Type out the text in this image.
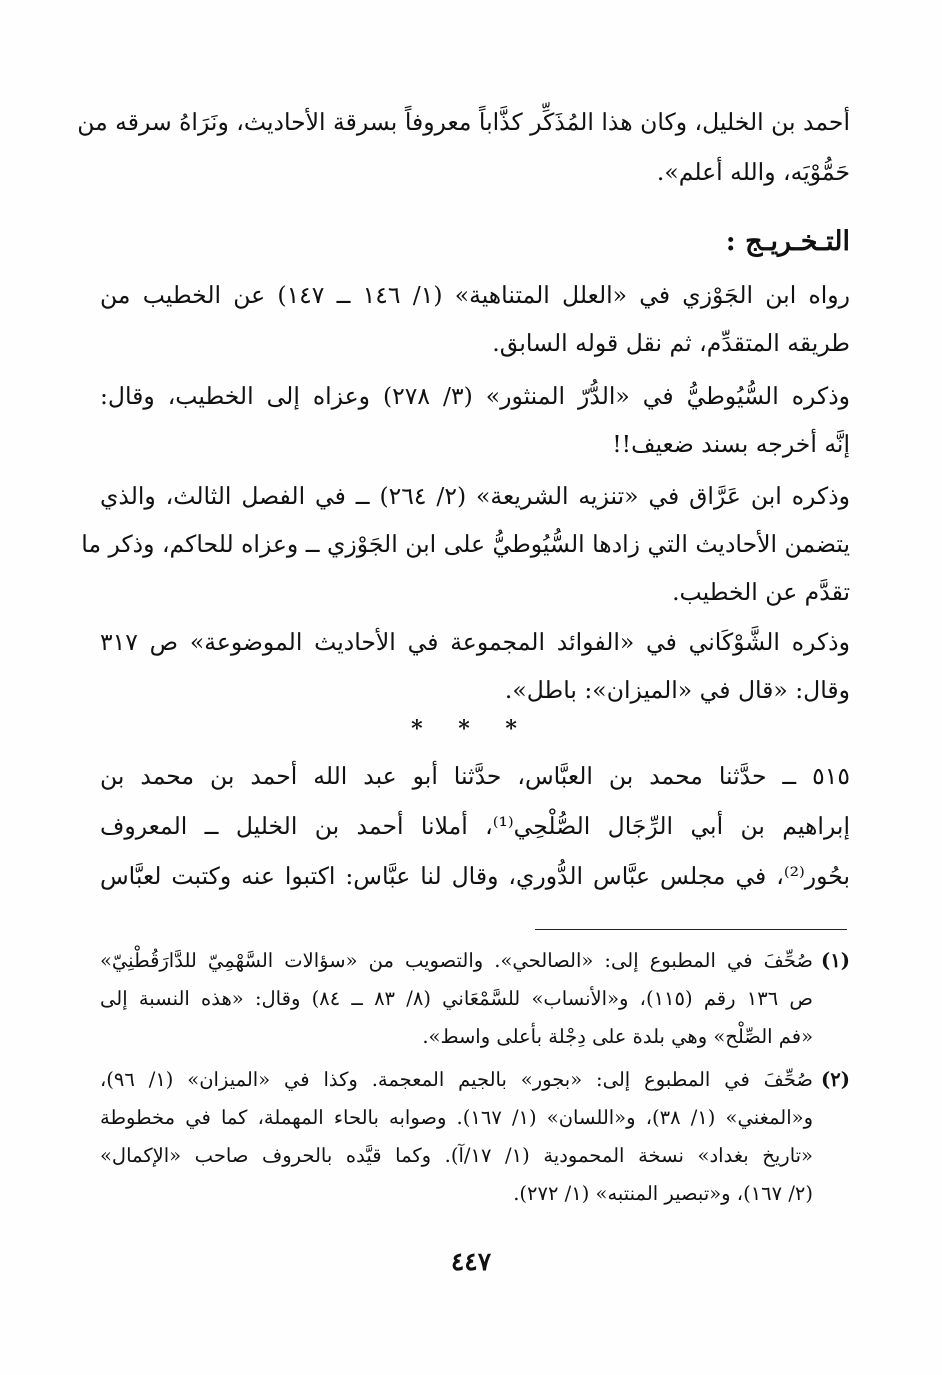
أحمد بن الخليل، وكان هذا المُذَكِّر كذَّاباً معروفاً بسرقة الأحاديث، ونَرَاهُ سرقه من
حَمُّوْيَه، والله أعلم».
التـخـريـج :
رواه ابن الجَوْزي في «العلل المتناهية» (١/ ١٤٦ ــ ١٤٧) عن الخطيب من
طريقه المتقدِّم، ثم نقل قوله السابق.
وذكره السُّيُوطيُّ في «الدُّرّ المنثور» (٣/ ٢٧٨) وعزاه إلى الخطيب، وقال:
إنَّه أخرجه بسند ضعيف!!
وذكره ابن عَرَّاق في «تنزيه الشريعة» (٢/ ٢٦٤) ــ في الفصل الثالث، والذي
يتضمن الأحاديث التي زادها السُّيُوطيُّ على ابن الجَوْزي ــ وعزاه للحاكم، وذكر ما
تقدَّم عن الخطيب.
وذكره الشَّوْكَاني في «الفوائد المجموعة في الأحاديث الموضوعة» ص ٣١٧
وقال: «قال في «الميزان»: باطل».
* * *
٥١٥ ــ حدَّثنا محمد بن العبَّاس، حدَّثنا أبو عبد الله أحمد بن محمد بن
إبراهيم بن أبي الرِّجَال الصُّلْحِي⁽¹⁾، أملانا أحمد بن الخليل ــ المعروف
بحُور⁽²⁾، في مجلس عبَّاس الدُّوري، وقال لنا عبَّاس: اكتبوا عنه وكتبت لعبَّاس
(١)
صُحِّفَ في المطبوع إلى: «الصالحي». والتصويب من «سؤالات السَّهْمِيّ للدَّارَقُطْنِيّ»
ص ١٣٦ رقم (١١٥)، و«الأنساب» للسَّمْعَاني (٨/ ٨٣ ــ ٨٤) وقال: «هذه النسبة إلى
«فم الصِّلْح» وهي بلدة على دِجْلة بأعلى واسط».
(٢)
صُحِّفَ في المطبوع إلى: «بجور» بالجيم المعجمة. وكذا في «الميزان» (١/ ٩٦)،
و«المغني» (١/ ٣٨)، و«اللسان» (١/ ١٦٧). وصوابه بالحاء المهملة، كما في مخطوطة
«تاريخ بغداد» نسخة المحمودية (١/ ١٧/آ). وكما قيَّده بالحروف صاحب «الإكمال»
(٢/ ١٦٧)، و«تبصير المنتبه» (١/ ٢٧٢).
٤٤٧
